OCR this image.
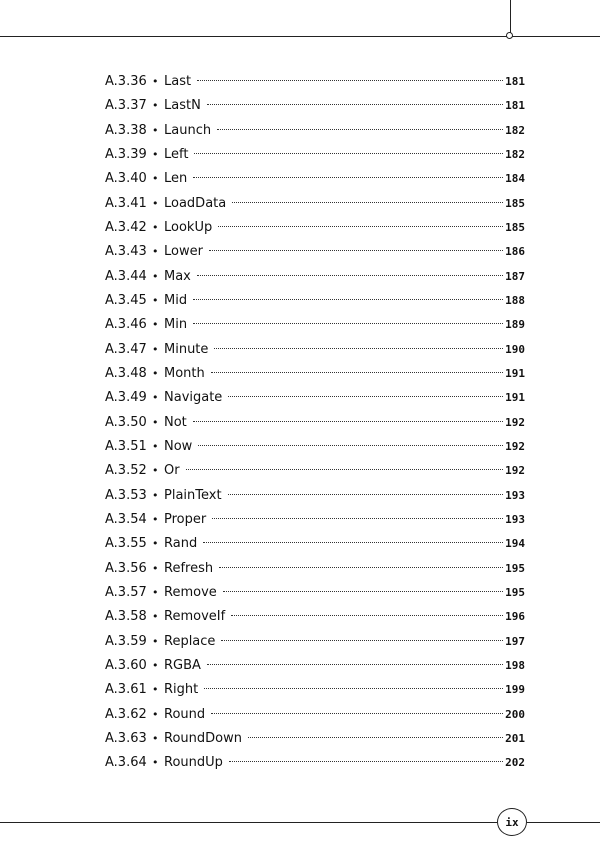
A.3.36 • Last	181
A.3.37 • LastN	181
A.3.38 • Launch	182
A.3.39 • Left	182
A.3.40 • Len	184
A.3.41 • LoadData	185
A.3.42 • LookUp	185
A.3.43 • Lower	186
A.3.44 • Max	187
A.3.45 • Mid	188
A.3.46 • Min	189
A.3.47 • Minute	190
A.3.48 • Month	191
A.3.49 • Navigate	191
A.3.50 • Not	192
A.3.51 • Now	192
A.3.52 • Or	192
A.3.53 • PlainText	193
A.3.54 • Proper	193
A.3.55 • Rand	194
A.3.56 • Refresh	195
A.3.57 • Remove	195
A.3.58 • RemoveIf	196
A.3.59 • Replace	197
A.3.60 • RGBA	198
A.3.61 • Right	199
A.3.62 • Round	200
A.3.63 • RoundDown	201
A.3.64 • RoundUp	202
ix
